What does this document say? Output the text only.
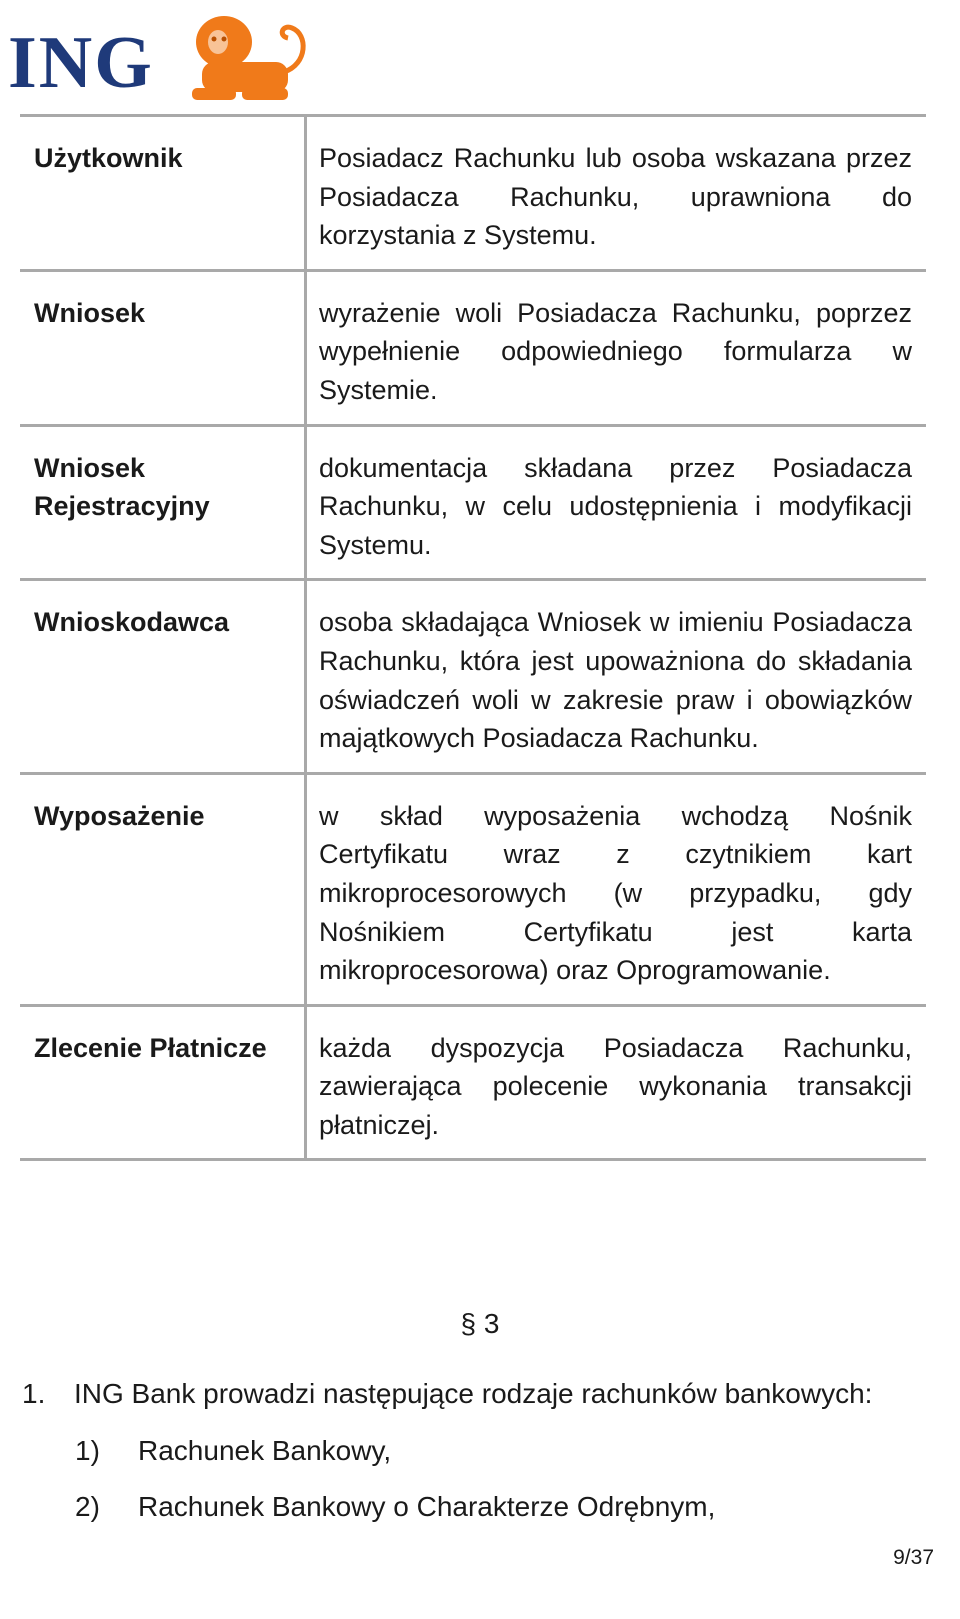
ING
Użytkownik	Posiadacz Rachunku lub osoba wskazana przez Posiadacza Rachunku, uprawniona do korzystania z Systemu.
Wniosek	wyrażenie woli Posiadacza Rachunku, poprzez wypełnienie odpowiedniego formularza w Systemie.
Wniosek Rejestracyjny	dokumentacja składana przez Posiadacza Rachunku, w celu udostępnienia i modyfikacji Systemu.
Wnioskodawca	osoba składająca Wniosek w imieniu Posiadacza Rachunku, która jest upoważniona do składania oświadczeń woli w zakresie praw i obowiązków majątkowych Posiadacza Rachunku.
Wyposażenie	w skład wyposażenia wchodzą Nośnik Certyfikatu wraz z czytnikiem kart mikroprocesorowych (w przypadku, gdy Nośnikiem Certyfikatu jest karta mikroprocesorowa) oraz Oprogramowanie.
Zlecenie Płatnicze	każda dyspozycja Posiadacza Rachunku, zawierająca polecenie wykonania transakcji płatniczej.
§ 3
1. ING Bank prowadzi następujące rodzaje rachunków bankowych:
1) Rachunek Bankowy,
2) Rachunek Bankowy o Charakterze Odrębnym,
9/37
